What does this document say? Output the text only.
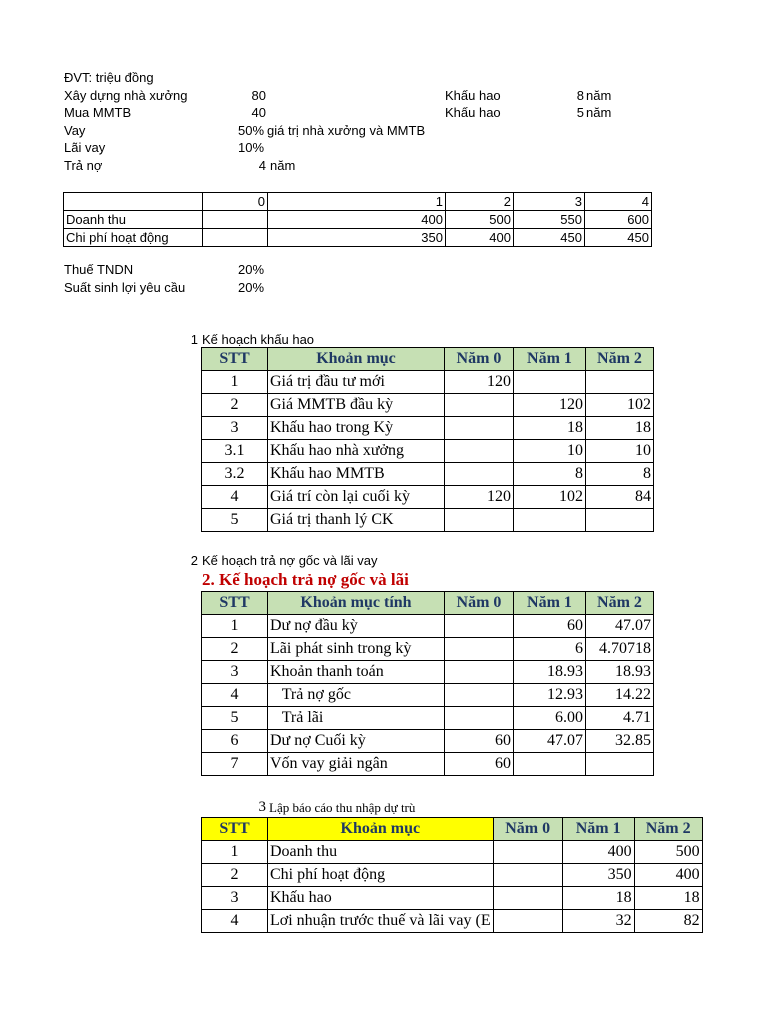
ĐVT: triệu đồng
Xây dựng nhà xưởng	80	Khấu hao	8 năm
Mua MMTB	40	Khấu hao	5 năm
Vay	50% giá trị nhà xưởng và MMTB
Lãi vay	10%
Trả nợ	4 năm
	0	1	2	3	4
Doanh thu		400	500	550	600
Chi phí hoạt động		350	400	450	450
Thuế TNDN	20%
Suất sinh lợi yêu cầu	20%
1 Kế hoạch khấu hao
STT	Khoản mục	Năm 0	Năm 1	Năm 2
1	Giá trị đầu tư mới	120		
2	Giá MMTB đầu kỳ		120	102
3	Khấu hao trong Kỳ		18	18
3.1	Khấu hao nhà xưởng		10	10
3.2	Khấu hao MMTB		8	8
4	Giá trí còn lại cuối kỳ	120	102	84
5	Giá trị thanh lý CK			
2 Kế hoạch trả nợ gốc và lãi vay
2. Kế hoạch trả nợ gốc và lãi
STT	Khoản mục tính	Năm 0	Năm 1	Năm 2
1	Dư nợ đầu kỳ		60	47.07
2	Lãi phát sinh trong kỳ		6	4.70718
3	Khoản thanh toán		18.93	18.93
4	Trả nợ gốc		12.93	14.22
5	Trả lãi		6.00	4.71
6	Dư nợ Cuối kỳ	60	47.07	32.85
7	Vốn vay giải ngân	60		
3 Lập báo cáo thu nhập dự trù
STT	Khoản mục	Năm 0	Năm 1	Năm 2
1	Doanh thu		400	500
2	Chi phí hoạt động		350	400
3	Khấu hao		18	18
4	Lơi nhuận trước thuế và lãi vay (E		32	82
